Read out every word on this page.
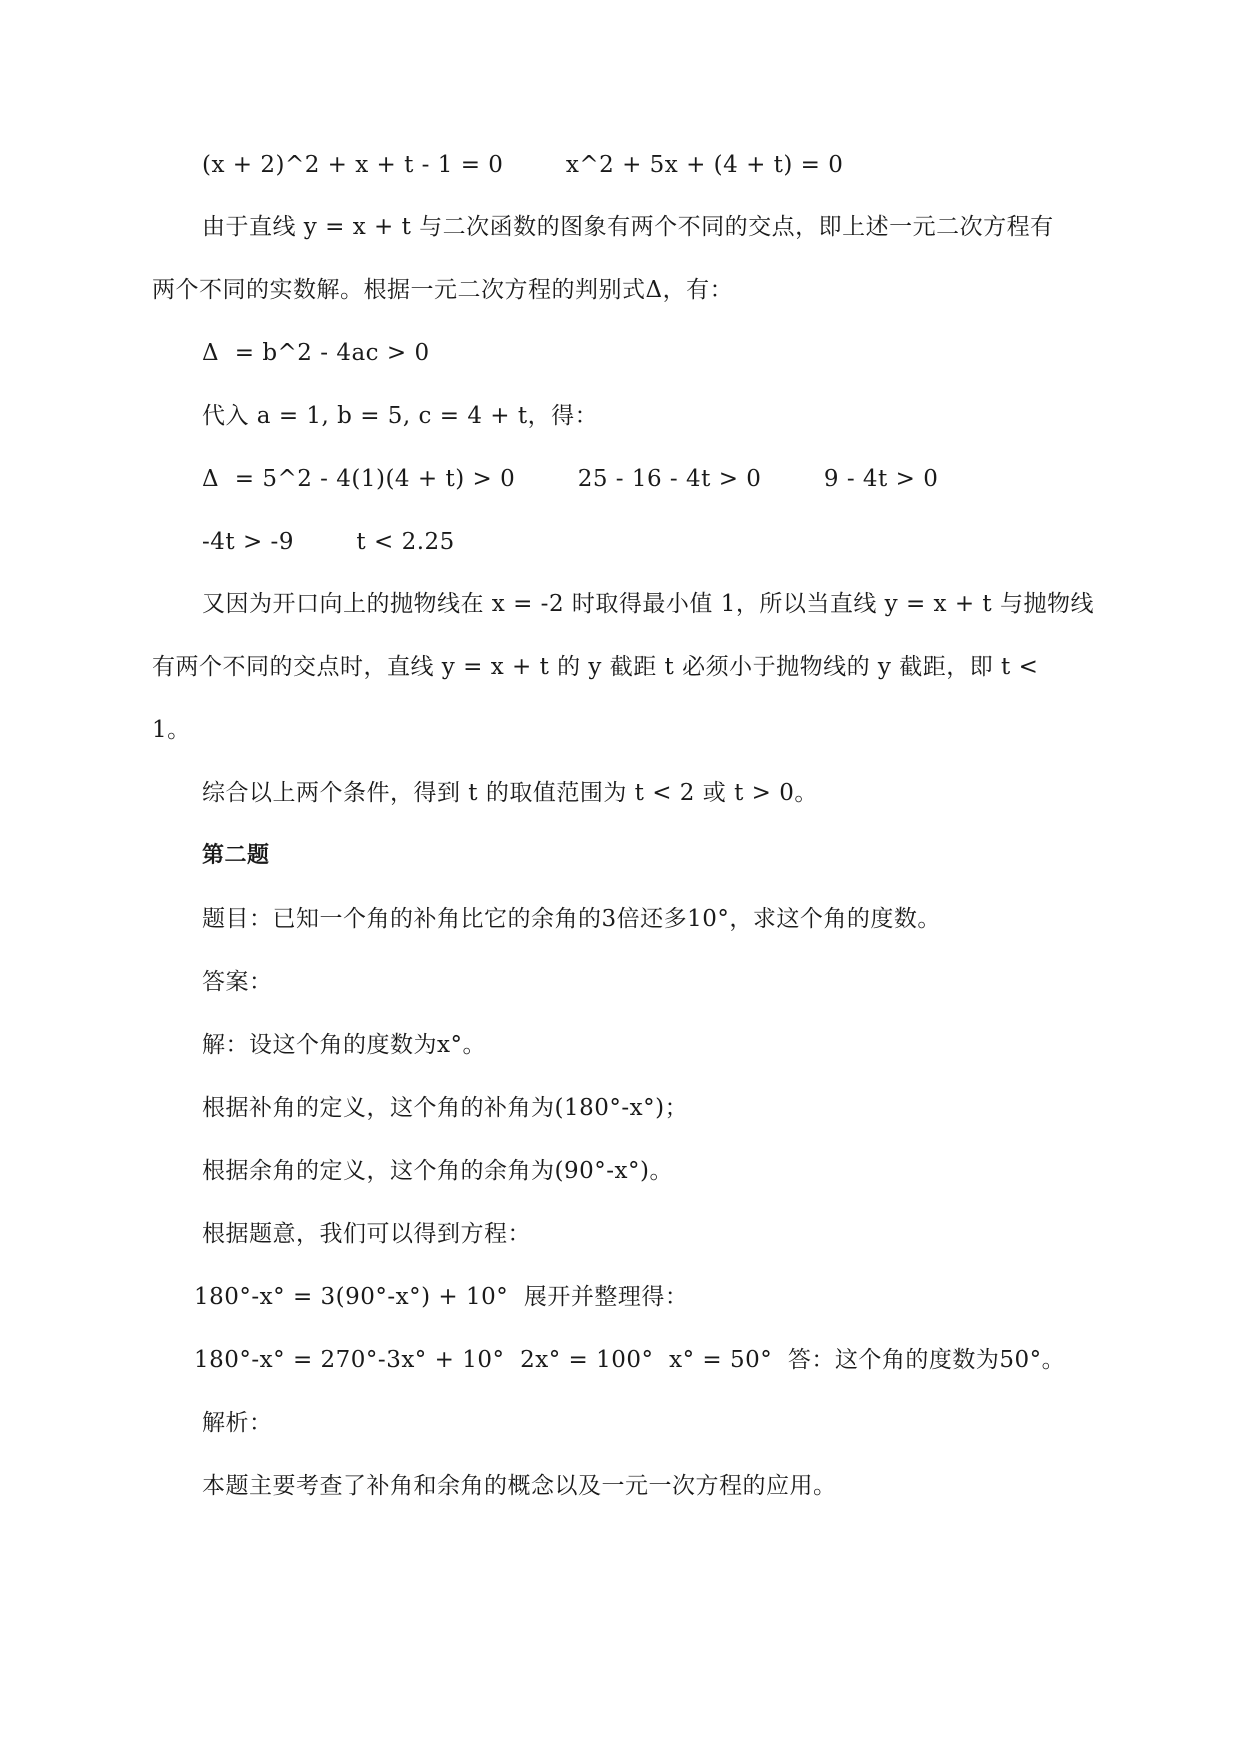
(x + 2)^2 + x + t - 1 = 0        x^2 + 5x + (4 + t) = 0
由于直线 y = x + t 与二次函数的图象有两个不同的交点，即上述一元二次方程有
两个不同的实数解。根据一元二次方程的判别式Δ，有：
Δ  = b^2 - 4ac > 0
代入 a = 1, b = 5, c = 4 + t，得：
Δ  = 5^2 - 4(1)(4 + t) > 0        25 - 16 - 4t > 0        9 - 4t > 0
-4t > -9        t < 2.25
又因为开口向上的抛物线在 x = -2 时取得最小值 1，所以当直线 y = x + t 与抛物线
有两个不同的交点时，直线 y = x + t 的 y 截距 t 必须小于抛物线的 y 截距，即 t <
1。
综合以上两个条件，得到 t 的取值范围为 t < 2 或 t > 0。
第二题
题目：已知一个角的补角比它的余角的3倍还多10°，求这个角的度数。
答案：
解：设这个角的度数为x°。
根据补角的定义，这个角的补角为(180°-x°)；
根据余角的定义，这个角的余角为(90°-x°)。
根据题意，我们可以得到方程：
180°-x° = 3(90°-x°) + 10°  展开并整理得：
180°-x° = 270°-3x° + 10°  2x° = 100°  x° = 50°  答：这个角的度数为50°。
解析：
本题主要考查了补角和余角的概念以及一元一次方程的应用。
